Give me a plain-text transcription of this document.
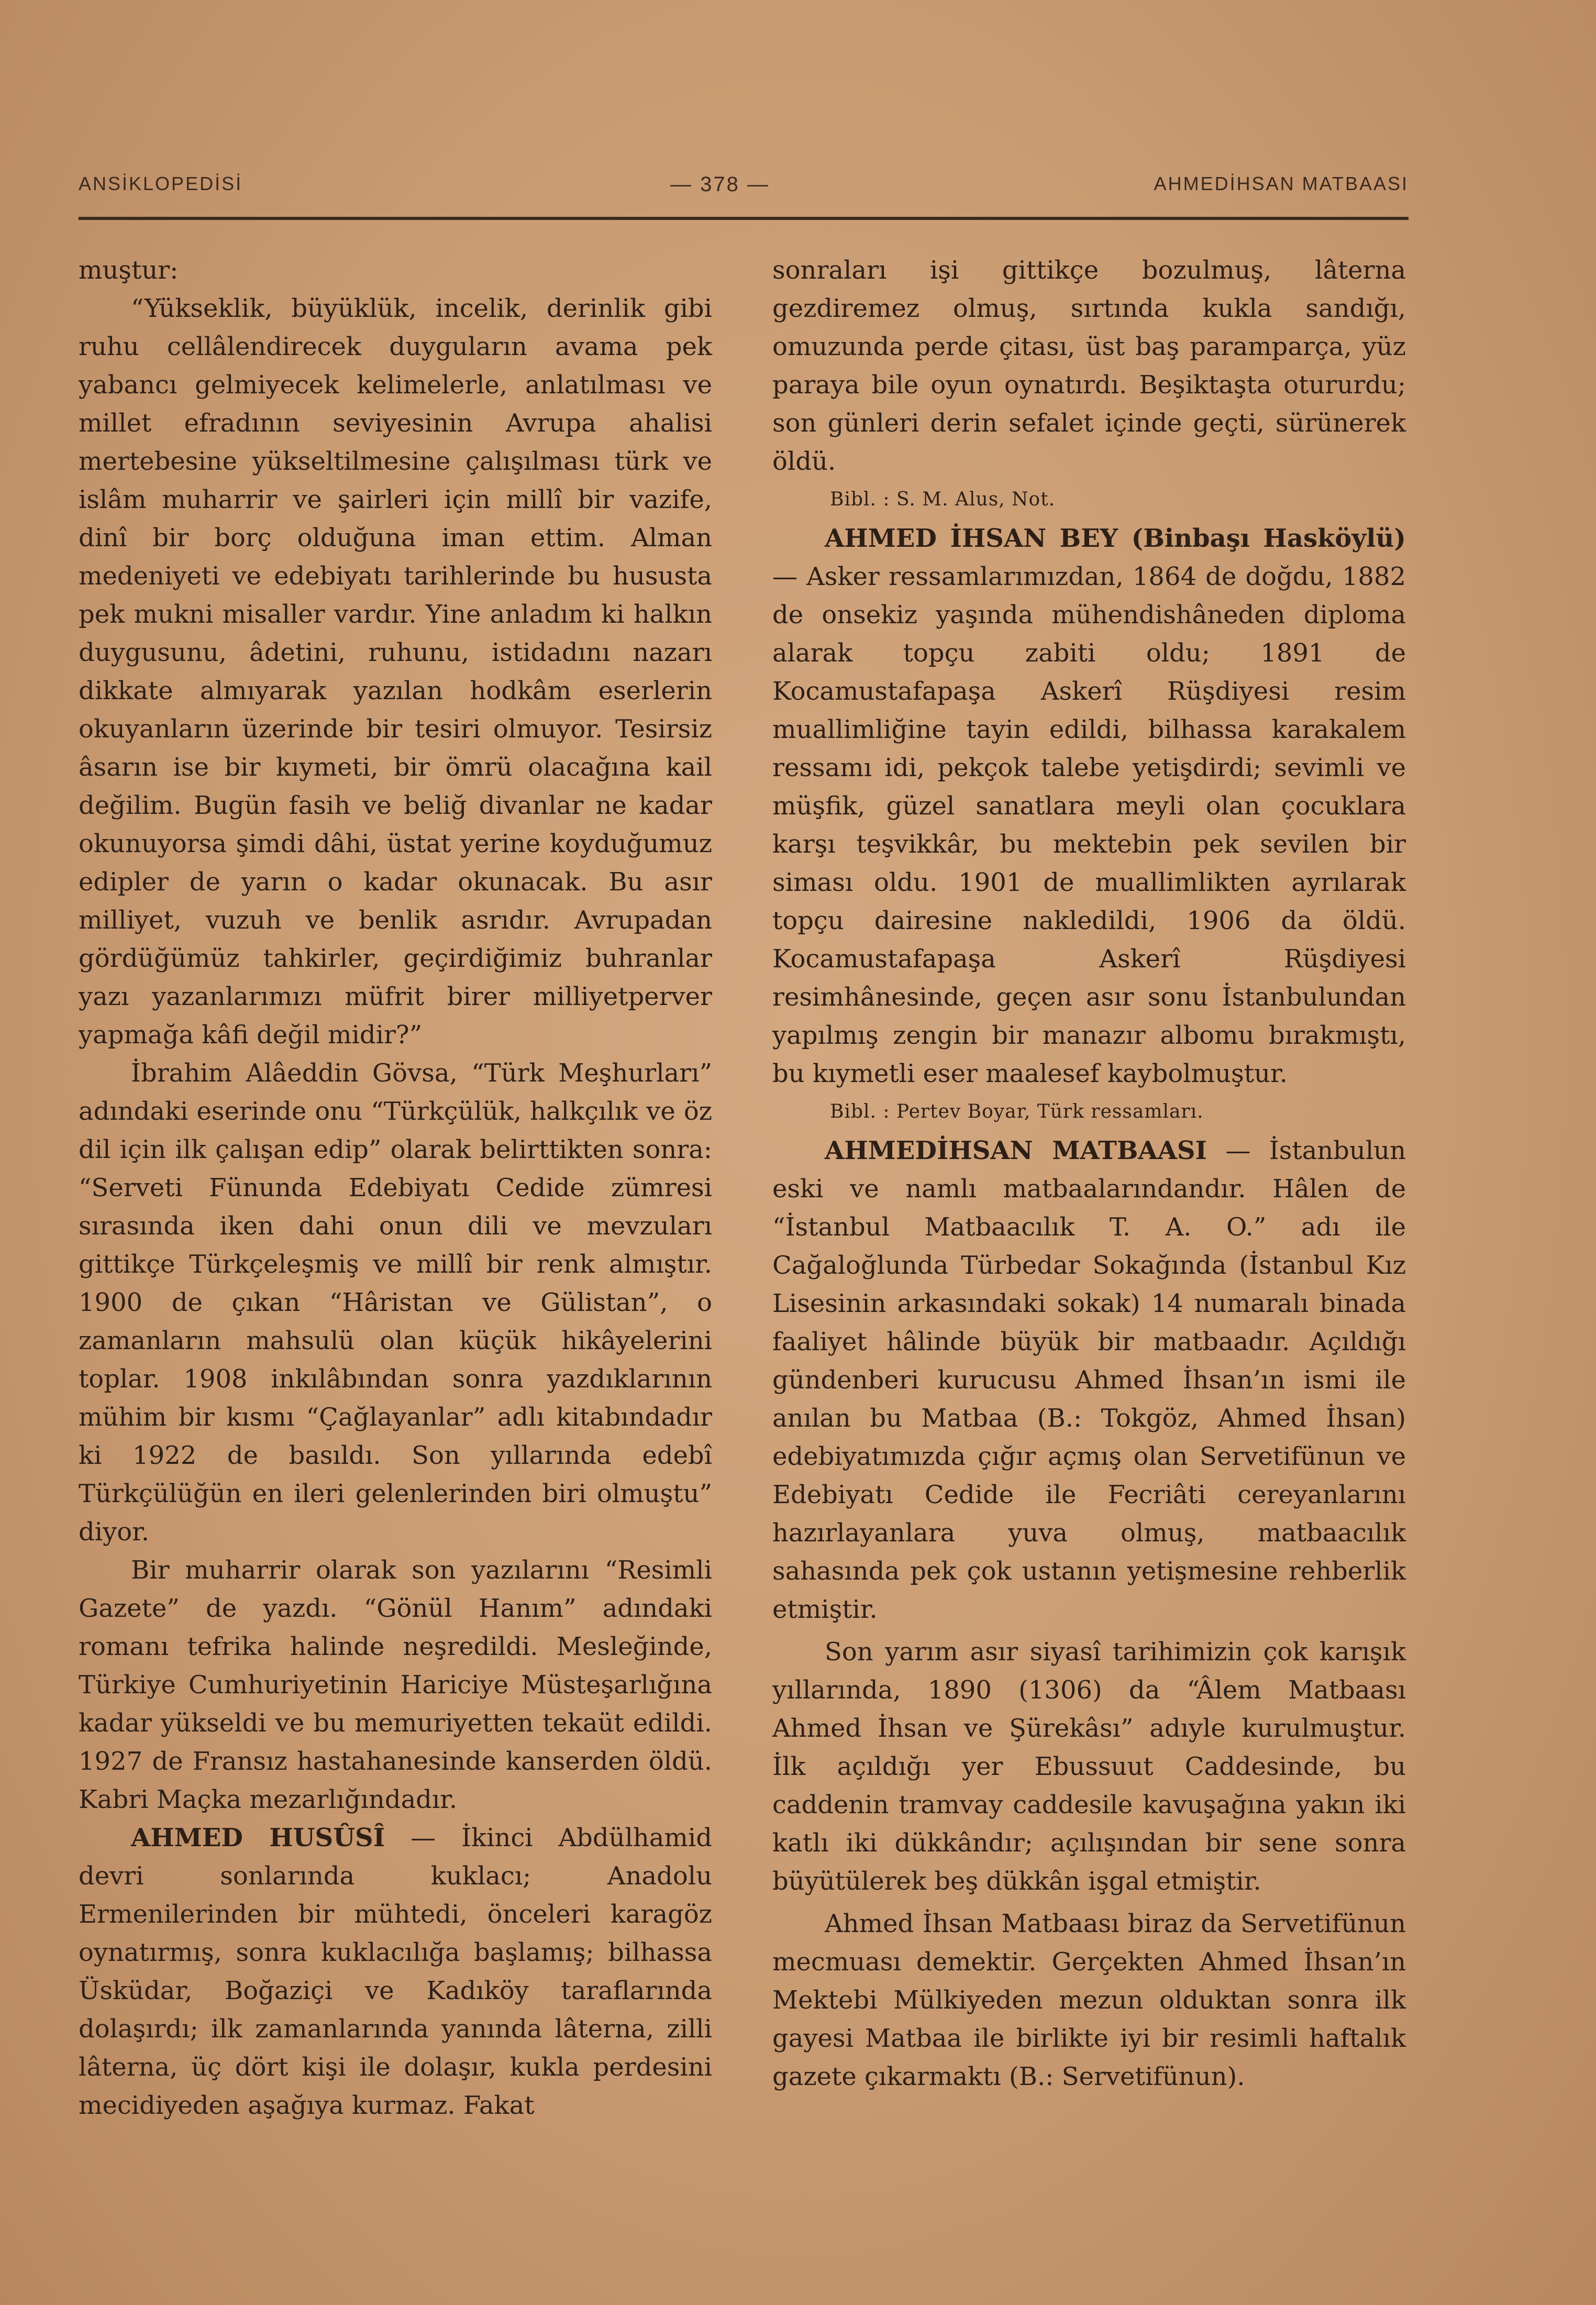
ANSİKLOPEDİSİ	— 378 —	AHMEDİHSAN MATBAASI

muştur:

“Yükseklik, büyüklük, incelik, derinlik gibi ruhu cellâlendirecek duyguların avama pek yabancı gelmiyecek kelimelerle, anlatılması ve millet efradının seviyesinin Avrupa ahalisi mertebesine yükseltilmesine çalışılması türk ve islâm muharrir ve şairleri için millî bir vazife, dinî bir borç olduğuna iman ettim. Alman medeniyeti ve edebiyatı tarihlerinde bu hususta pek mukni misaller vardır. Yine anladım ki halkın duygusunu, âdetini, ruhunu, istidadını nazarı dikkate almıyarak yazılan hodkâm eserlerin okuyanların üzerinde bir tesiri olmuyor. Tesirsiz âsarın ise bir kıymeti, bir ömrü olacağına kail değilim. Bugün fasih ve beliğ divanlar ne kadar okunuyorsa şimdi dâhi, üstat yerine koyduğumuz edipler de yarın o kadar okunacak. Bu asır milliyet, vuzuh ve benlik asrıdır. Avrupadan gördüğümüz tahkirler, geçirdiğimiz buhranlar yazı yazanlarımızı müfrit birer milliyetperver yapmağa kâfi değil midir?”

İbrahim Alâeddin Gövsa, “Türk Meşhurları” adındaki eserinde onu “Türkçülük, halkçılık ve öz dil için ilk çalışan edip” olarak belirttikten sonra: “Serveti Fünunda Edebiyatı Cedide zümresi sırasında iken dahi onun dili ve mevzuları gittikçe Türkçeleşmiş ve millî bir renk almıştır. 1900 de çıkan “Hâristan ve Gülistan”, o zamanların mahsulü olan küçük hikâyelerini toplar. 1908 inkılâbından sonra yazdıklarının mühim bir kısmı “Çağlayanlar” adlı kitabındadır ki 1922 de basıldı. Son yıllarında edebî Türkçülüğün en ileri gelenlerinden biri olmuştu” diyor.

Bir muharrir olarak son yazılarını “Resimli Gazete” de yazdı. “Gönül Hanım” adındaki romanı tefrika halinde neşredildi. Mesleğinde, Türkiye Cumhuriyetinin Hariciye Müsteşarlığına kadar yükseldi ve bu memuriyetten tekaüt edildi. 1927 de Fransız hastahanesinde kanserden öldü. Kabri Maçka mezarlığındadır.

AHMED HUSÛSÎ — İkinci Abdülhamid devri sonlarında kuklacı; Anadolu Ermenilerinden bir mühtedi, önceleri karagöz oynatırmış, sonra kuklacılığa başlamış; bilhassa Üsküdar, Boğaziçi ve Kadıköy taraflarında dolaşırdı; ilk zamanlarında yanında lâterna, zilli lâterna, üç dört kişi ile dolaşır, kukla perdesini mecidiyeden aşağıya kurmaz. Fakat

sonraları işi gittikçe bozulmuş, lâterna gezdiremez olmuş, sırtında kukla sandığı, omuzunda perde çitası, üst baş paramparça, yüz paraya bile oyun oynatırdı. Beşiktaşta otururdu; son günleri derin sefalet içinde geçti, sürünerek öldü.

Bibl. : S. M. Alus, Not.

AHMED İHSAN BEY (Binbaşı Hasköylü) — Asker ressamlarımızdan, 1864 de doğdu, 1882 de onsekiz yaşında mühendishâneden diploma alarak topçu zabiti oldu; 1891 de Kocamustafapaşa Askerî Rüşdiyesi resim muallimliğine tayin edildi, bilhassa karakalem ressamı idi, pekçok talebe yetişdirdi; sevimli ve müşfik, güzel sanatlara meyli olan çocuklara karşı teşvikkâr, bu mektebin pek sevilen bir siması oldu. 1901 de muallimlikten ayrılarak topçu dairesine nakledildi, 1906 da öldü. Kocamustafapaşa Askerî Rüşdiyesi resimhânesinde, geçen asır sonu İstanbulundan yapılmış zengin bir manazır albomu bırakmıştı, bu kıymetli eser maalesef kaybolmuştur.

Bibl. : Pertev Boyar, Türk ressamları.

AHMEDİHSAN MATBAASI — İstanbulun eski ve namlı matbaalarındandır. Hâlen de “İstanbul Matbaacılık T. A. O.” adı ile Cağaloğlunda Türbedar Sokağında (İstanbul Kız Lisesinin arkasındaki sokak) 14 numaralı binada faaliyet hâlinde büyük bir matbaadır. Açıldığı gündenberi kurucusu Ahmed İhsan’ın ismi ile anılan bu Matbaa (B.: Tokgöz, Ahmed İhsan) edebiyatımızda çığır açmış olan Servetifünun ve Edebiyatı Cedide ile Fecriâti cereyanlarını hazırlayanlara yuva olmuş, matbaacılık sahasında pek çok ustanın yetişmesine rehberlik etmiştir.

Son yarım asır siyasî tarihimizin çok karışık yıllarında, 1890 (1306) da “Âlem Matbaası Ahmed İhsan ve Şürekâsı” adıyle kurulmuştur. İlk açıldığı yer Ebussuut Caddesinde, bu caddenin tramvay caddesile kavuşağına yakın iki katlı iki dükkândır; açılışından bir sene sonra büyütülerek beş dükkân işgal etmiştir.

Ahmed İhsan Matbaası biraz da Servetifünun mecmuası demektir. Gerçekten Ahmed İhsan’ın Mektebi Mülkiyeden mezun olduktan sonra ilk gayesi Matbaa ile birlikte iyi bir resimli haftalık gazete çıkarmaktı (B.: Servetifünun).
